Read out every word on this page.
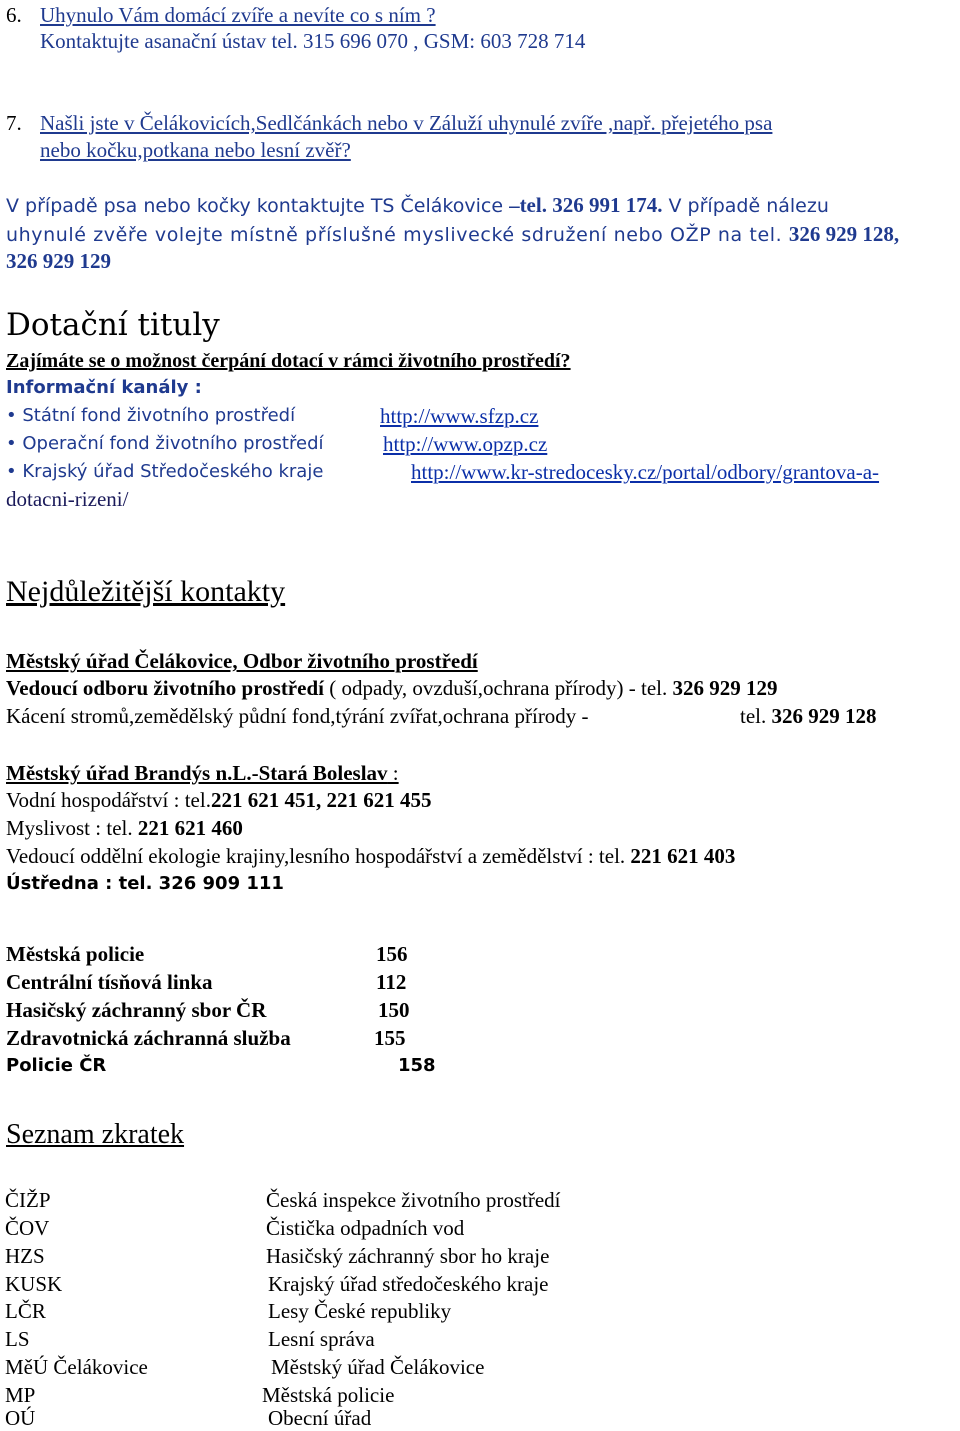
6. Uhynulo Vám domácí zvíře a nevíte co s ním ?
Kontaktujte asanační ústav tel. 315 696 070 , GSM: 603 728 714
7. Našli jste v Čelákovicích,Sedlčánkách nebo v Záluží uhynulé zvíře ,např. přejetého psa
nebo kočku,potkana nebo lesní zvěř?
V případě psa nebo kočky kontaktujte TS Čelákovice –tel. 326 991 174. V případě nálezu
uhynulé zvěře volejte místně příslušné myslivecké sdružení nebo OŽP na tel. 326 929 128,
326 929 129
Dotační tituly
Zajímáte se o možnost čerpání dotací v rámci životního prostředí?
Informační kanály :
• Státní fond životního prostředí	http://www.sfzp.cz
• Operační fond životního prostředí	http://www.opzp.cz
• Krajský úřad Středočeského kraje	http://www.kr-stredocesky.cz/portal/odbory/grantova-a-
dotacni-rizeni/
Nejdůležitější kontakty
Městský úřad Čelákovice, Odbor životního prostředí
Vedoucí odboru životního prostředí ( odpady, ovzduší,ochrana přírody) - tel. 326 929 129
Kácení stromů,zemědělský půdní fond,týrání zvířat,ochrana přírody -	tel. 326 929 128
Městský úřad Brandýs n.L.-Stará Boleslav :
Vodní hospodářství : tel.221 621 451, 221 621 455
Myslivost : tel. 221 621 460
Vedoucí oddělní ekologie krajiny,lesního hospodářství a zemědělství : tel. 221 621 403
Ústředna : tel. 326 909 111
Městská policie	156
Centrální tísňová linka	112
Hasičský záchranný sbor ČR	150
Zdravotnická záchranná služba	155
Policie ČR	158
Seznam zkratek
ČIŽP	Česká inspekce životního prostředí
ČOV	Čistička odpadních vod
HZS	Hasičský záchranný sbor ho kraje
KUSK	Krajský úřad středočeského kraje
LČR	Lesy České republiky
LS	Lesní správa
MěÚ Čelákovice	Městský úřad Čelákovice
MP	Městská policie
OÚ	Obecní úřad
